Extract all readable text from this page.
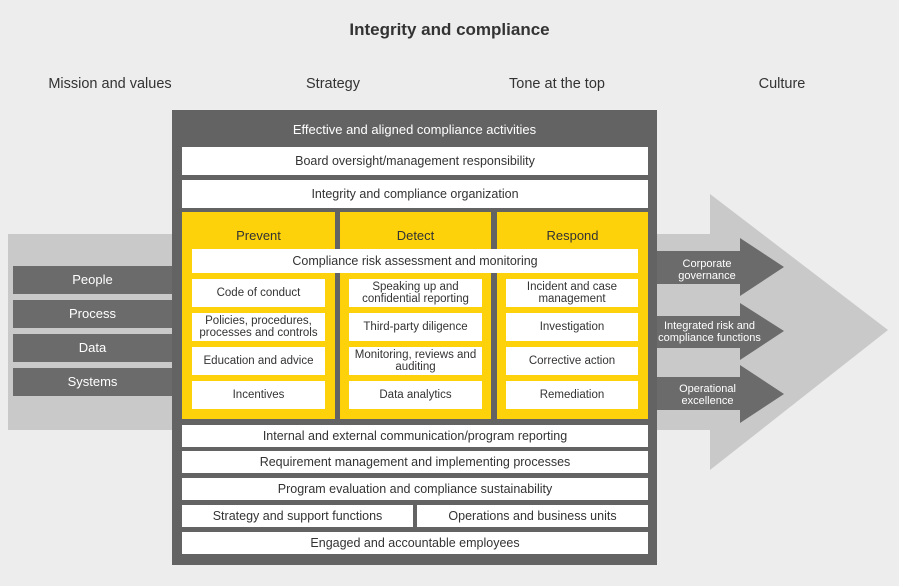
Integrity and compliance
Mission and values	Strategy	Tone at the top	Culture
People
Process
Data
Systems
Corporate governance
Integrated risk and compliance functions
Operational excellence
Effective and aligned compliance activities
Board oversight/management responsibility
Integrity and compliance organization
Prevent	Detect	Respond
Compliance risk assessment and monitoring
Code of conduct
Policies, procedures, processes and controls
Education and advice
Incentives
Speaking up and confidential reporting
Third-party diligence
Monitoring, reviews and auditing
Data analytics
Incident and case management
Investigation
Corrective action
Remediation
Internal and external communication/program reporting
Requirement management and implementing processes
Program evaluation and compliance sustainability
Strategy and support functions	Operations and business units
Engaged and accountable employees
